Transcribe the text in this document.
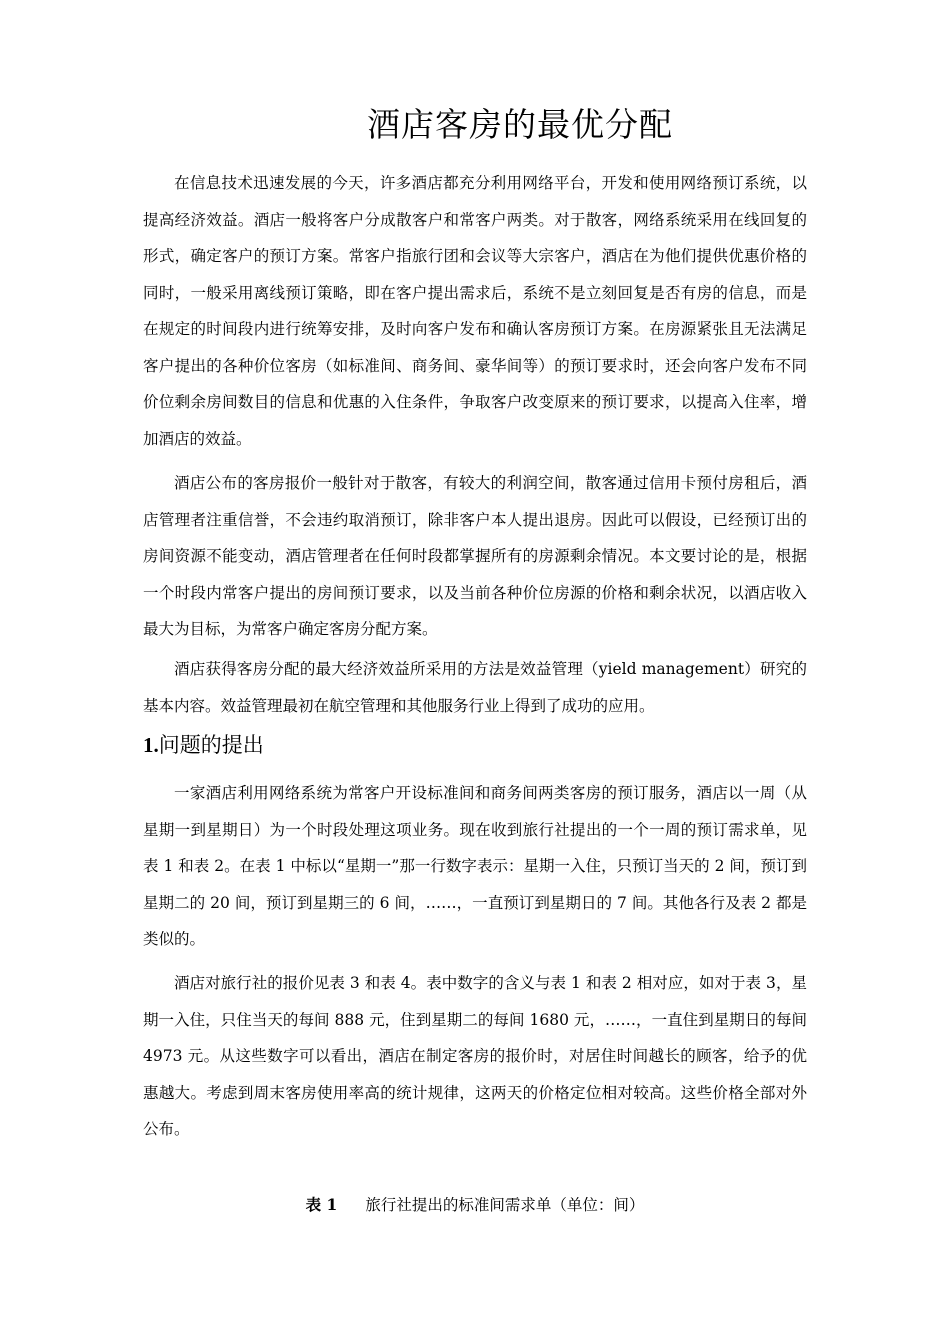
酒店客房的最优分配

在信息技术迅速发展的今天，许多酒店都充分利用网络平台，开发和使用网络预订系统，以提高经济效益。酒店一般将客户分成散客户和常客户两类。对于散客，网络系统采用在线回复的形式，确定客户的预订方案。常客户指旅行团和会议等大宗客户，酒店在为他们提供优惠价格的同时，一般采用离线预订策略，即在客户提出需求后，系统不是立刻回复是否有房的信息，而是在规定的时间段内进行统筹安排，及时向客户发布和确认客房预订方案。在房源紧张且无法满足客户提出的各种价位客房（如标准间、商务间、豪华间等）的预订要求时，还会向客户发布不同价位剩余房间数目的信息和优惠的入住条件，争取客户改变原来的预订要求，以提高入住率，增加酒店的效益。

酒店公布的客房报价一般针对于散客，有较大的利润空间，散客通过信用卡预付房租后，酒店管理者注重信誉，不会违约取消预订，除非客户本人提出退房。因此可以假设，已经预订出的房间资源不能变动，酒店管理者在任何时段都掌握所有的房源剩余情况。本文要讨论的是，根据一个时段内常客户提出的房间预订要求，以及当前各种价位房源的价格和剩余状况，以酒店收入最大为目标，为常客户确定客房分配方案。

酒店获得客房分配的最大经济效益所采用的方法是效益管理（yield management）研究的基本内容。效益管理最初在航空管理和其他服务行业上得到了成功的应用。

1.问题的提出

一家酒店利用网络系统为常客户开设标准间和商务间两类客房的预订服务，酒店以一周（从星期一到星期日）为一个时段处理这项业务。现在收到旅行社提出的一个一周的预订需求单，见表 1 和表 2。在表 1 中标以“星期一”那一行数字表示：星期一入住，只预订当天的 2 间，预订到星期二的 20 间，预订到星期三的 6 间，……，一直预订到星期日的 7 间。其他各行及表 2 都是类似的。

酒店对旅行社的报价见表 3 和表 4。表中数字的含义与表 1 和表 2 相对应，如对于表 3，星期一入住，只住当天的每间 888 元，住到星期二的每间 1680 元，……，一直住到星期日的每间 4973 元。从这些数字可以看出，酒店在制定客房的报价时，对居住时间越长的顾客，给予的优惠越大。考虑到周末客房使用率高的统计规律，这两天的价格定位相对较高。这些价格全部对外公布。

表 1 旅行社提出的标准间需求单（单位：间）
